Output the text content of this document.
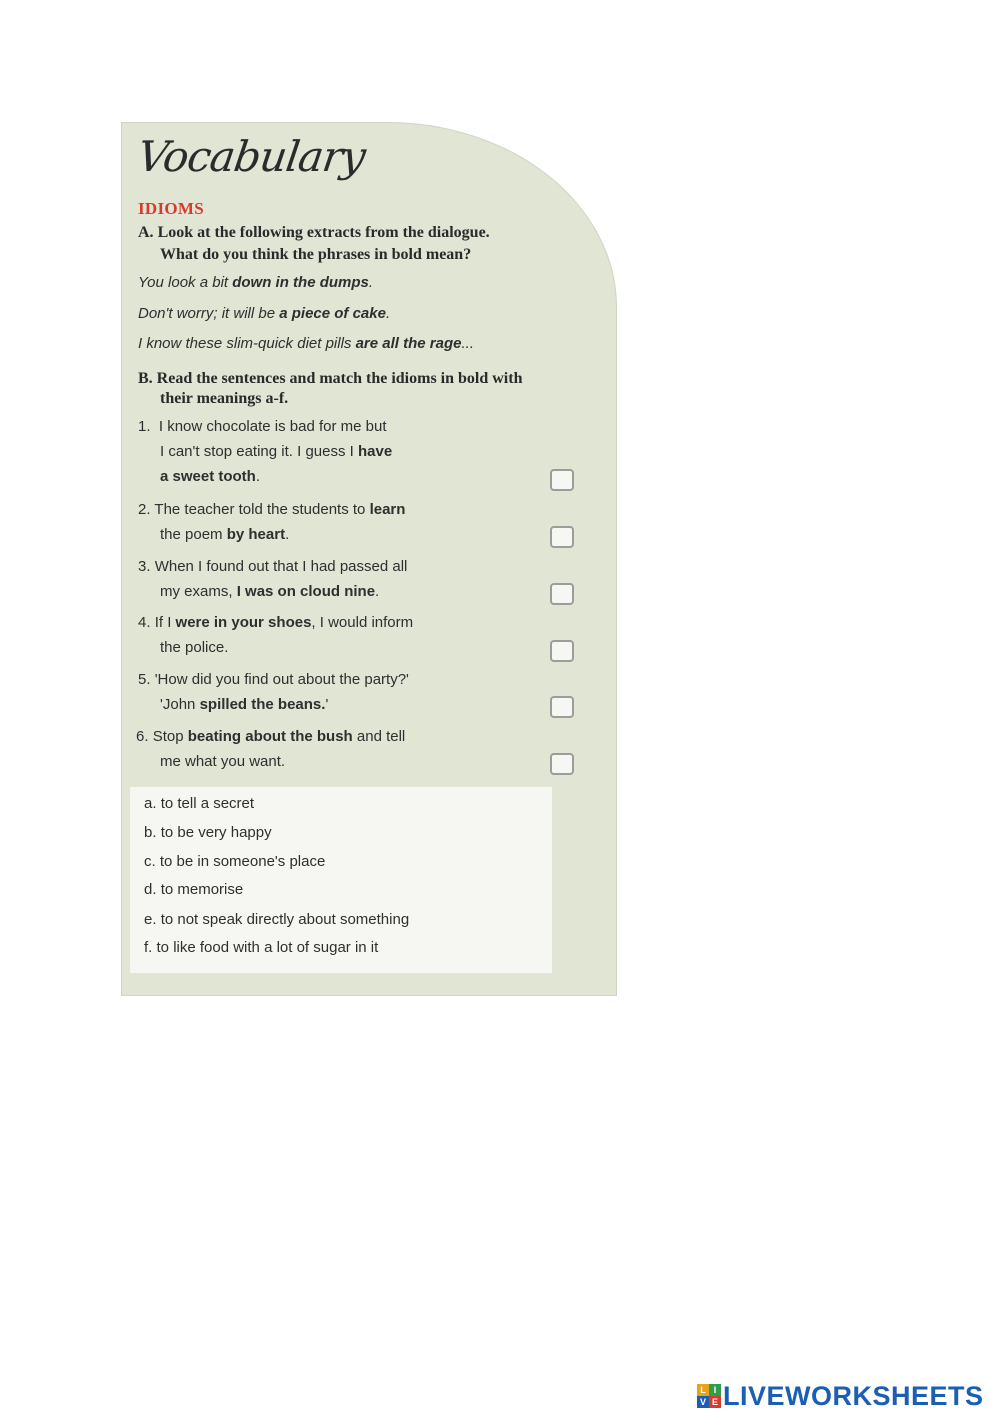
Vocabulary
IDIOMS
A. Look at the following extracts from the dialogue.
What do you think the phrases in bold mean?
You look a bit down in the dumps.
Don't worry; it will be a piece of cake.
I know these slim-quick diet pills are all the rage...
B. Read the sentences and match the idioms in bold with
their meanings a-f.
1. I know chocolate is bad for me but
I can't stop eating it. I guess I have
a sweet tooth.
2. The teacher told the students to learn
the poem by heart.
3. When I found out that I had passed all
my exams, I was on cloud nine.
4. If I were in your shoes, I would inform
the police.
5. 'How did you find out about the party?'
'John spilled the beans.'
6. Stop beating about the bush and tell
me what you want.
a. to tell a secret
b. to be very happy
c. to be in someone's place
d. to memorise
e. to not speak directly about something
f. to like food with a lot of sugar in it
L I
V E LIVEWORKSHEETS
